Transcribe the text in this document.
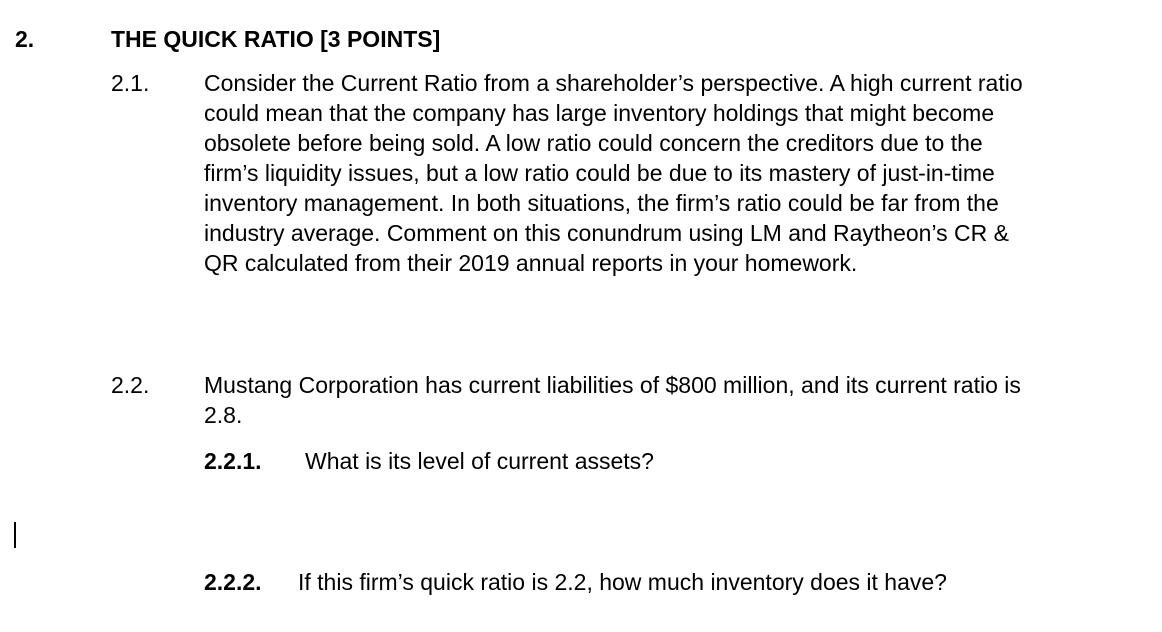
2.	THE QUICK RATIO [3 POINTS]
2.1. Consider the Current Ratio from a shareholder’s perspective. A high current ratio
could mean that the company has large inventory holdings that might become
obsolete before being sold. A low ratio could concern the creditors due to the
firm’s liquidity issues, but a low ratio could be due to its mastery of just-in-time
inventory management. In both situations, the firm’s ratio could be far from the
industry average. Comment on this conundrum using LM and Raytheon’s CR &
QR calculated from their 2019 annual reports in your homework.
2.2. Mustang Corporation has current liabilities of $800 million, and its current ratio is
2.8.
2.2.1. What is its level of current assets?
2.2.2. If this firm’s quick ratio is 2.2, how much inventory does it have?
